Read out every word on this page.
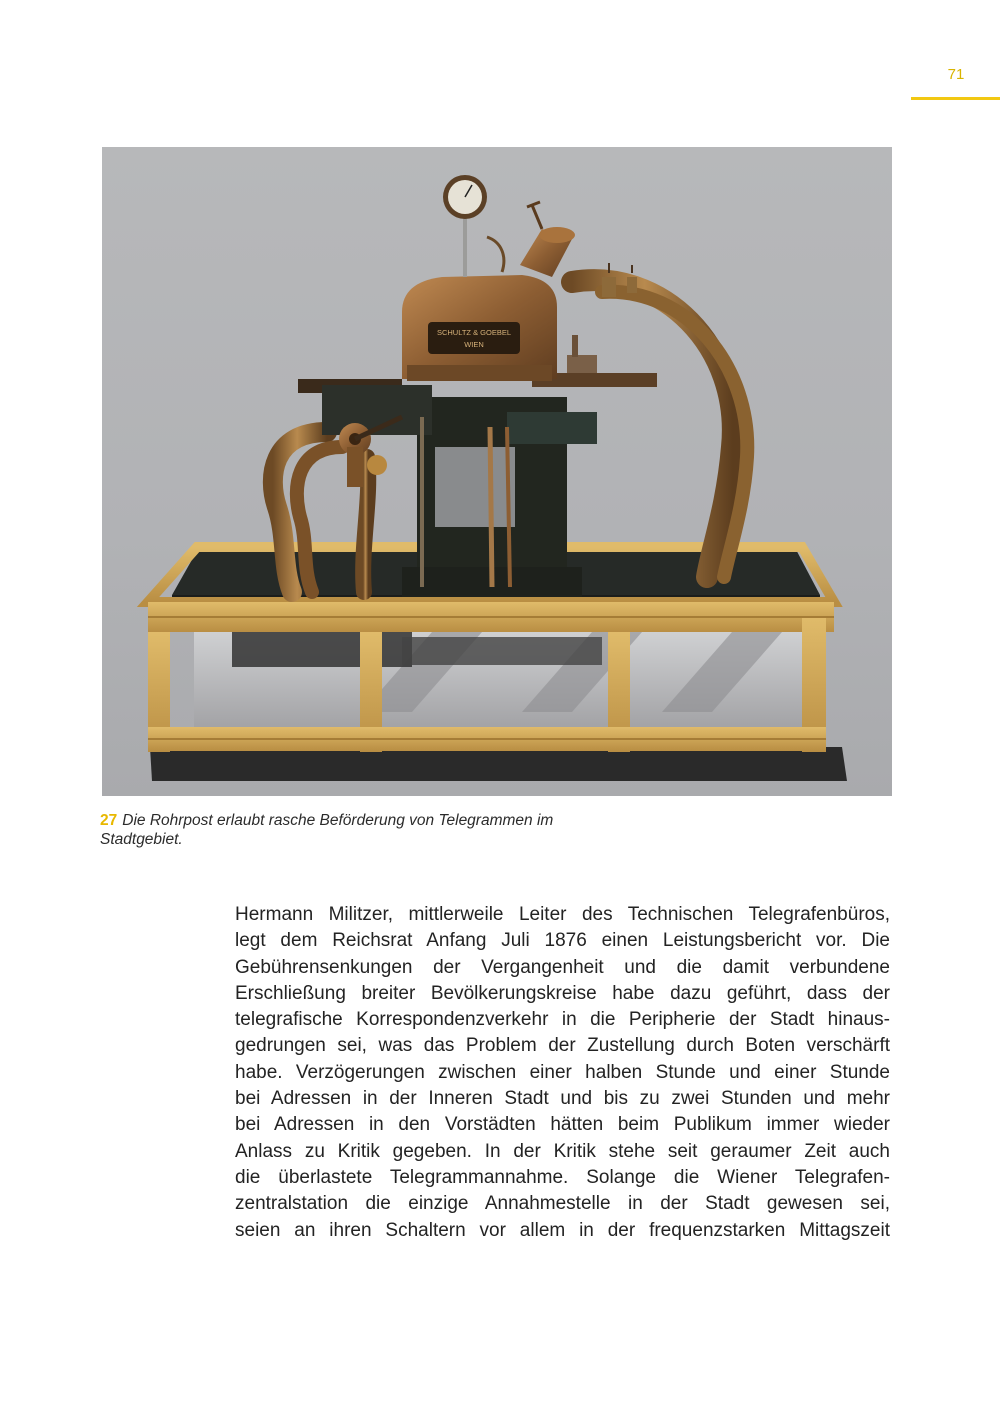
71
SCHULTZ & GOEBEL
WIEN
27 Die Rohrpost erlaubt rasche Beförderung von Telegrammen im Stadtgebiet.
Hermann Militzer, mittlerweile Leiter des Technischen Telegrafenbüros,
legt dem Reichsrat Anfang Juli 1876 einen Leistungsbericht vor. Die
Gebührensenkungen der Vergangenheit und die damit verbundene
Erschließung breiter Bevölkerungskreise habe dazu geführt, dass der
telegrafische Korrespondenzverkehr in die Peripherie der Stadt hinaus-
gedrungen sei, was das Problem der Zustellung durch Boten verschärft
habe. Verzögerungen zwischen einer halben Stunde und einer Stunde
bei Adressen in der Inneren Stadt und bis zu zwei Stunden und mehr
bei Adressen in den Vorstädten hätten beim Publikum immer wieder
Anlass zu Kritik gegeben. In der Kritik stehe seit geraumer Zeit auch
die überlastete Telegrammannahme. Solange die Wiener Telegrafen-
zentralstation die einzige Annahmestelle in der Stadt gewesen sei,
seien an ihren Schaltern vor allem in der frequenzstarken Mittagszeit
